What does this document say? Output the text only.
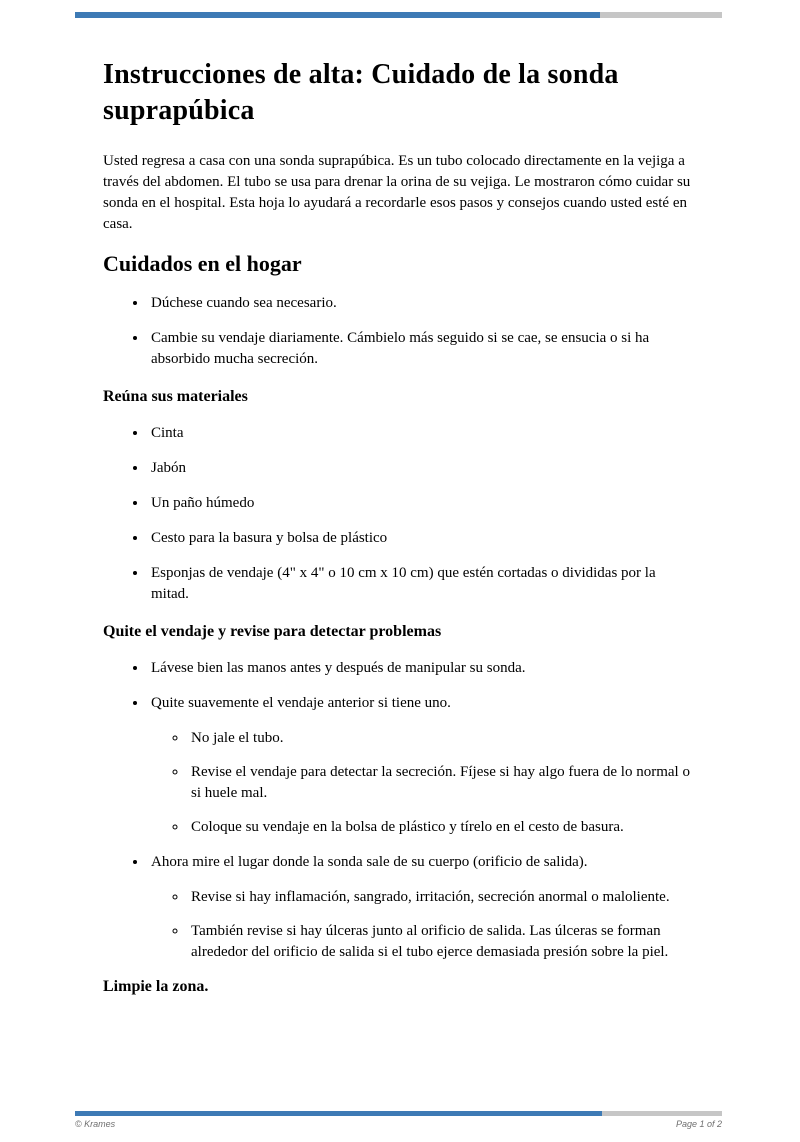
Instrucciones de alta: Cuidado de la sonda suprapúbica

Usted regresa a casa con una sonda suprapúbica. Es un tubo colocado directamente en la vejiga a través del abdomen. El tubo se usa para drenar la orina de su vejiga. Le mostraron cómo cuidar su sonda en el hospital. Esta hoja lo ayudará a recordarle esos pasos y consejos cuando usted esté en casa.

Cuidados en el hogar
• Dúchese cuando sea necesario.
• Cambie su vendaje diariamente. Cámbielo más seguido si se cae, se ensucia o si ha absorbido mucha secreción.
Reúna sus materiales
• Cinta
• Jabón
• Un paño húmedo
• Cesto para la basura y bolsa de plástico
• Esponjas de vendaje (4" x 4" o 10 cm x 10 cm) que estén cortadas o divididas por la mitad.
Quite el vendaje y revise para detectar problemas
• Lávese bien las manos antes y después de manipular su sonda.
• Quite suavemente el vendaje anterior si tiene uno.
◦ No jale el tubo.
◦ Revise el vendaje para detectar la secreción. Fíjese si hay algo fuera de lo normal o si huele mal.
◦ Coloque su vendaje en la bolsa de plástico y tírelo en el cesto de basura.
• Ahora mire el lugar donde la sonda sale de su cuerpo (orificio de salida).
◦ Revise si hay inflamación, sangrado, irritación, secreción anormal o maloliente.
◦ También revise si hay úlceras junto al orificio de salida. Las úlceras se forman alrededor del orificio de salida si el tubo ejerce demasiada presión sobre la piel.
Limpie la zona.
© Krames	Page 1 of 2
